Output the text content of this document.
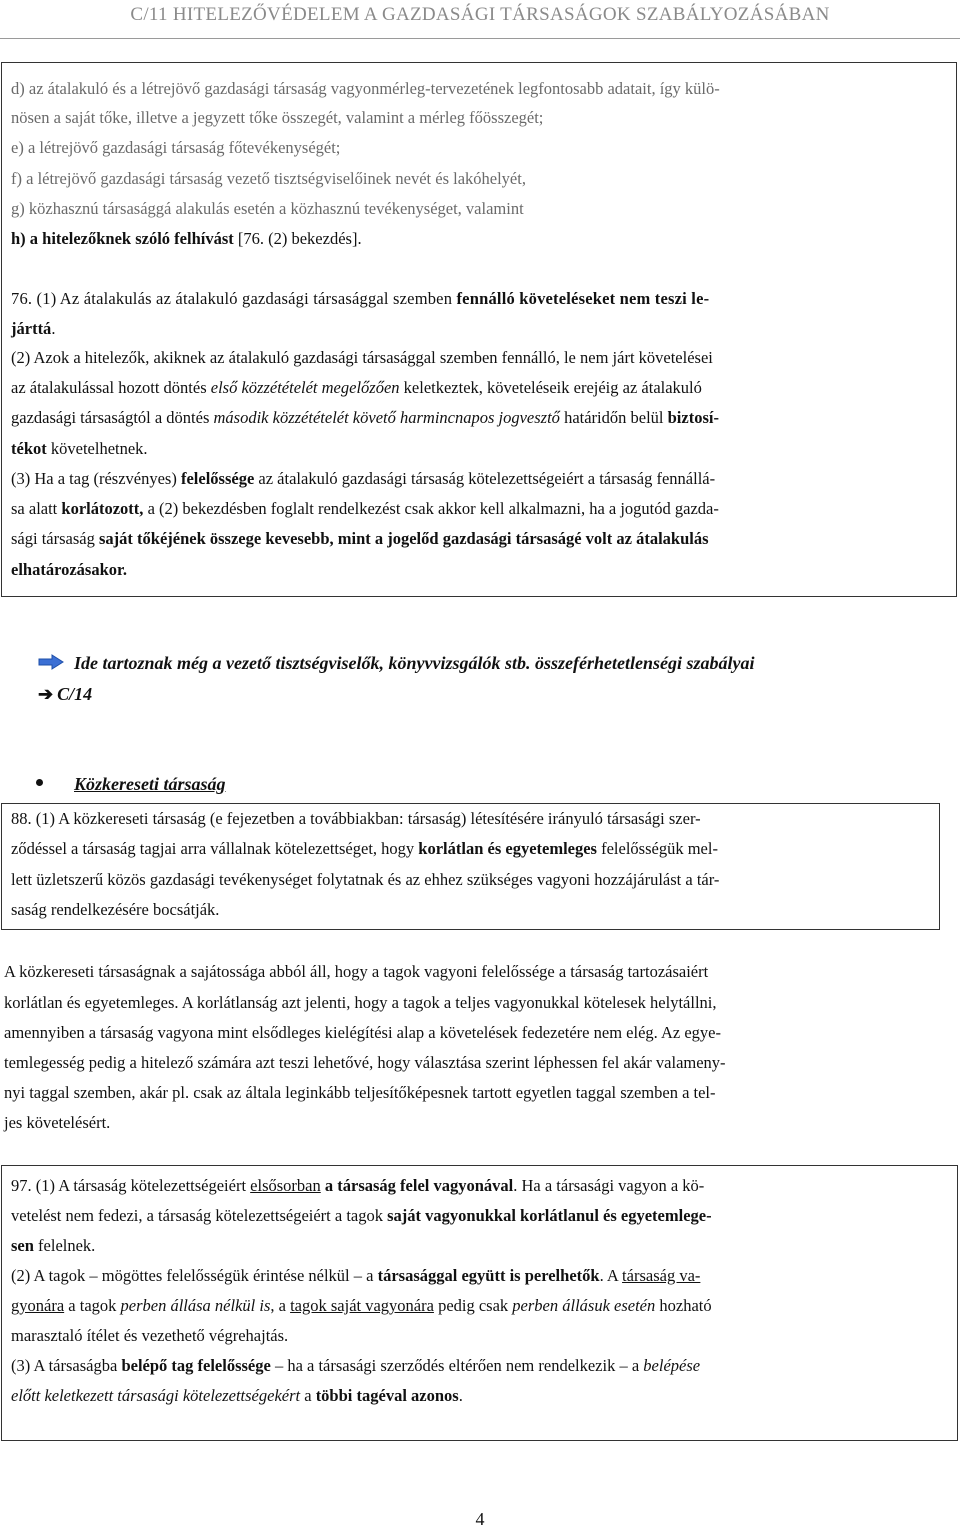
C/11 HITELEZŐVÉDELEM A GAZDASÁGI TÁRSASÁGOK SZABÁLYOZÁSÁBAN
d) az átalakuló és a létrejövő gazdasági társaság vagyonmérleg-tervezetének legfontosabb adatait, így külö-
nösen a saját tőke, illetve a jegyzett tőke összegét, valamint a mérleg főösszegét;
e) a létrejövő gazdasági társaság főtevékenységét;
f) a létrejövő gazdasági társaság vezető tisztségviselőinek nevét és lakóhelyét,
g) közhasznú társasággá alakulás esetén a közhasznú tevékenységet, valamint
h) a hitelezőknek szóló felhívást [76. (2) bekezdés].
76. (1) Az átalakulás az átalakuló gazdasági társasággal szemben fennálló követeléseket nem teszi le-
járttá.
(2) Azok a hitelezők, akiknek az átalakuló gazdasági társasággal szemben fennálló, le nem járt követelései
az átalakulással hozott döntés első közzétételét megelőzően keletkeztek, követeléseik erejéig az átalakuló
gazdasági társaságtól a döntés második közzétételét követő harmincnapos jogvesztő határidőn belül biztosí-
tékot követelhetnek.
(3) Ha a tag (részvényes) felelőssége az átalakuló gazdasági társaság kötelezettségeiért a társaság fennállá-
sa alatt korlátozott, a (2) bekezdésben foglalt rendelkezést csak akkor kell alkalmazni, ha a jogutód gazda-
sági társaság saját tőkéjének összege kevesebb, mint a jogelőd gazdasági társaságé volt az átalakulás
elhatározásakor.
Ide tartoznak még a vezető tisztségviselők, könyvvizsgálók stb. összeférhetetlenségi szabályai
➔ C/14
Közkereseti társaság
88. (1) A közkereseti társaság (e fejezetben a továbbiakban: társaság) létesítésére irányuló társasági szer-
ződéssel a társaság tagjai arra vállalnak kötelezettséget, hogy korlátlan és egyetemleges felelősségük mel-
lett üzletszerű közös gazdasági tevékenységet folytatnak és az ehhez szükséges vagyoni hozzájárulást a tár-
saság rendelkezésére bocsátják.
A közkereseti társaságnak a sajátossága abból áll, hogy a tagok vagyoni felelőssége a társaság tartozásaiért
korlátlan és egyetemleges. A korlátlanság azt jelenti, hogy a tagok a teljes vagyonukkal kötelesek helytállni,
amennyiben a társaság vagyona mint elsődleges kielégítési alap a követelések fedezetére nem elég. Az egye-
temlegesség pedig a hitelező számára azt teszi lehetővé, hogy választása szerint léphessen fel akár valameny-
nyi taggal szemben, akár pl. csak az általa leginkább teljesítőképesnek tartott egyetlen taggal szemben a tel-
jes követelésért.
97. (1) A társaság kötelezettségeiért elsősorban a társaság felel vagyonával. Ha a társasági vagyon a kö-
vetelést nem fedezi, a társaság kötelezettségeiért a tagok saját vagyonukkal korlátlanul és egyetemlege-
sen felelnek.
(2) A tagok – mögöttes felelősségük érintése nélkül – a társasággal együtt is perelhetők. A társaság va-
gyonára a tagok perben állása nélkül is, a tagok saját vagyonára pedig csak perben állásuk esetén hozható
marasztaló ítélet és vezethető végrehajtás.
(3) A társaságba belépő tag felelőssége – ha a társasági szerződés eltérően nem rendelkezik – a belépése
előtt keletkezett társasági kötelezettségekért a többi tagéval azonos.
4
